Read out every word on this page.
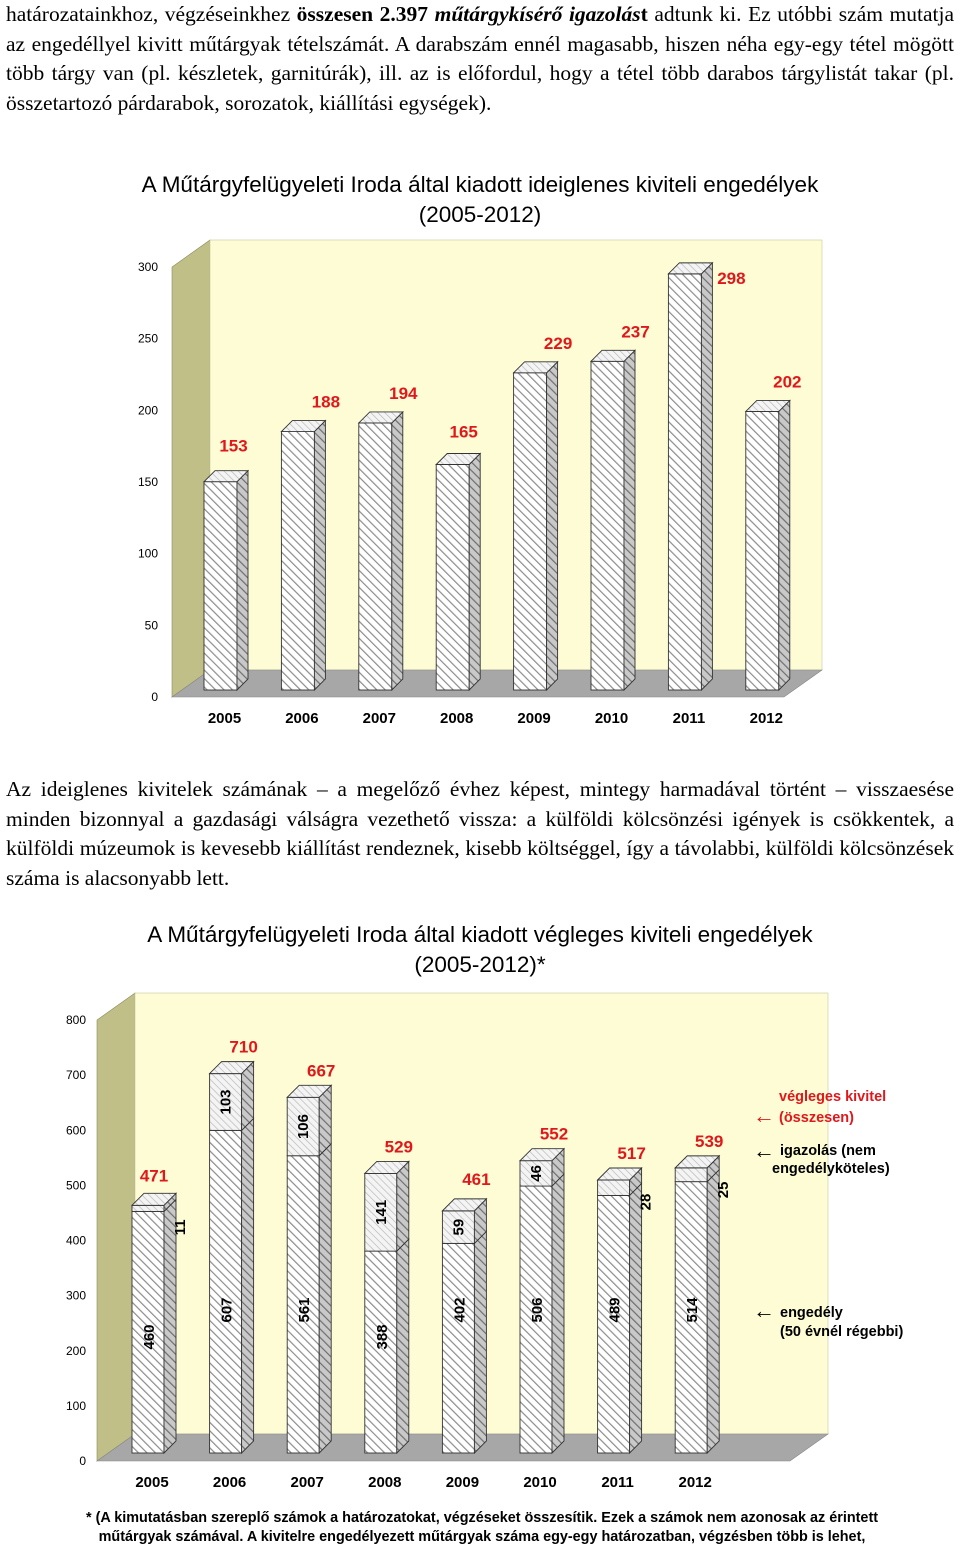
határozatainkhoz, végzéseinkhez összesen 2.397 műtárgykísérő igazolást adtunk ki. Ez utóbbi szám mutatja az engedéllyel kivitt műtárgyak tételszámát. A darabszám ennél magasabb, hiszen néha egy-egy tétel mögött több tárgy van (pl. készletek, garnitúrák), ill. az is előfordul, hogy a tétel több darabos tárgylistát takar (pl. összetartozó párdarabok, sorozatok, kiállítási egységek).

A Műtárgyfelügyeleti Iroda által kiadott ideiglenes kiviteli engedélyek
(2005-2012)
0
50
100
150
200
250
300
2005
153
2006
188
2007
194
2008
165
2009
229
2010
237
2011
298
2012
202

Az ideiglenes kivitelek számának – a megelőző évhez képest, mintegy harmadával történt – visszaesése minden bizonnyal a gazdasági válságra vezethető vissza: a külföldi kölcsönzési igények is csökkentek, a külföldi múzeumok is kevesebb kiállítást rendeznek, kisebb költséggel, így a távolabbi, külföldi kölcsönzések száma is alacsonyabb lett.

A Műtárgyfelügyeleti Iroda által kiadott végleges kiviteli engedélyek
(2005-2012)*
0
100
200
300
400
500
600
700
800
2005
460
11
471
2006
607
103
710
2007
561
106
667
2008
388
141
529
2009
402
59
461
2010
506
46
552
2011
489
28
517
2012
514
25
539
←
végleges kivitel
(összesen)
← igazolás (nem
engedélyköteles)
← engedély
(50 évnél régebbi)
* (A kimutatásban szereplő számok a határozatokat, végzéseket összesítik. Ezek a számok nem azonosak az érintett
műtárgyak számával. A kivitelre engedélyezett műtárgyak száma egy-egy határozatban, végzésben több is lehet,
